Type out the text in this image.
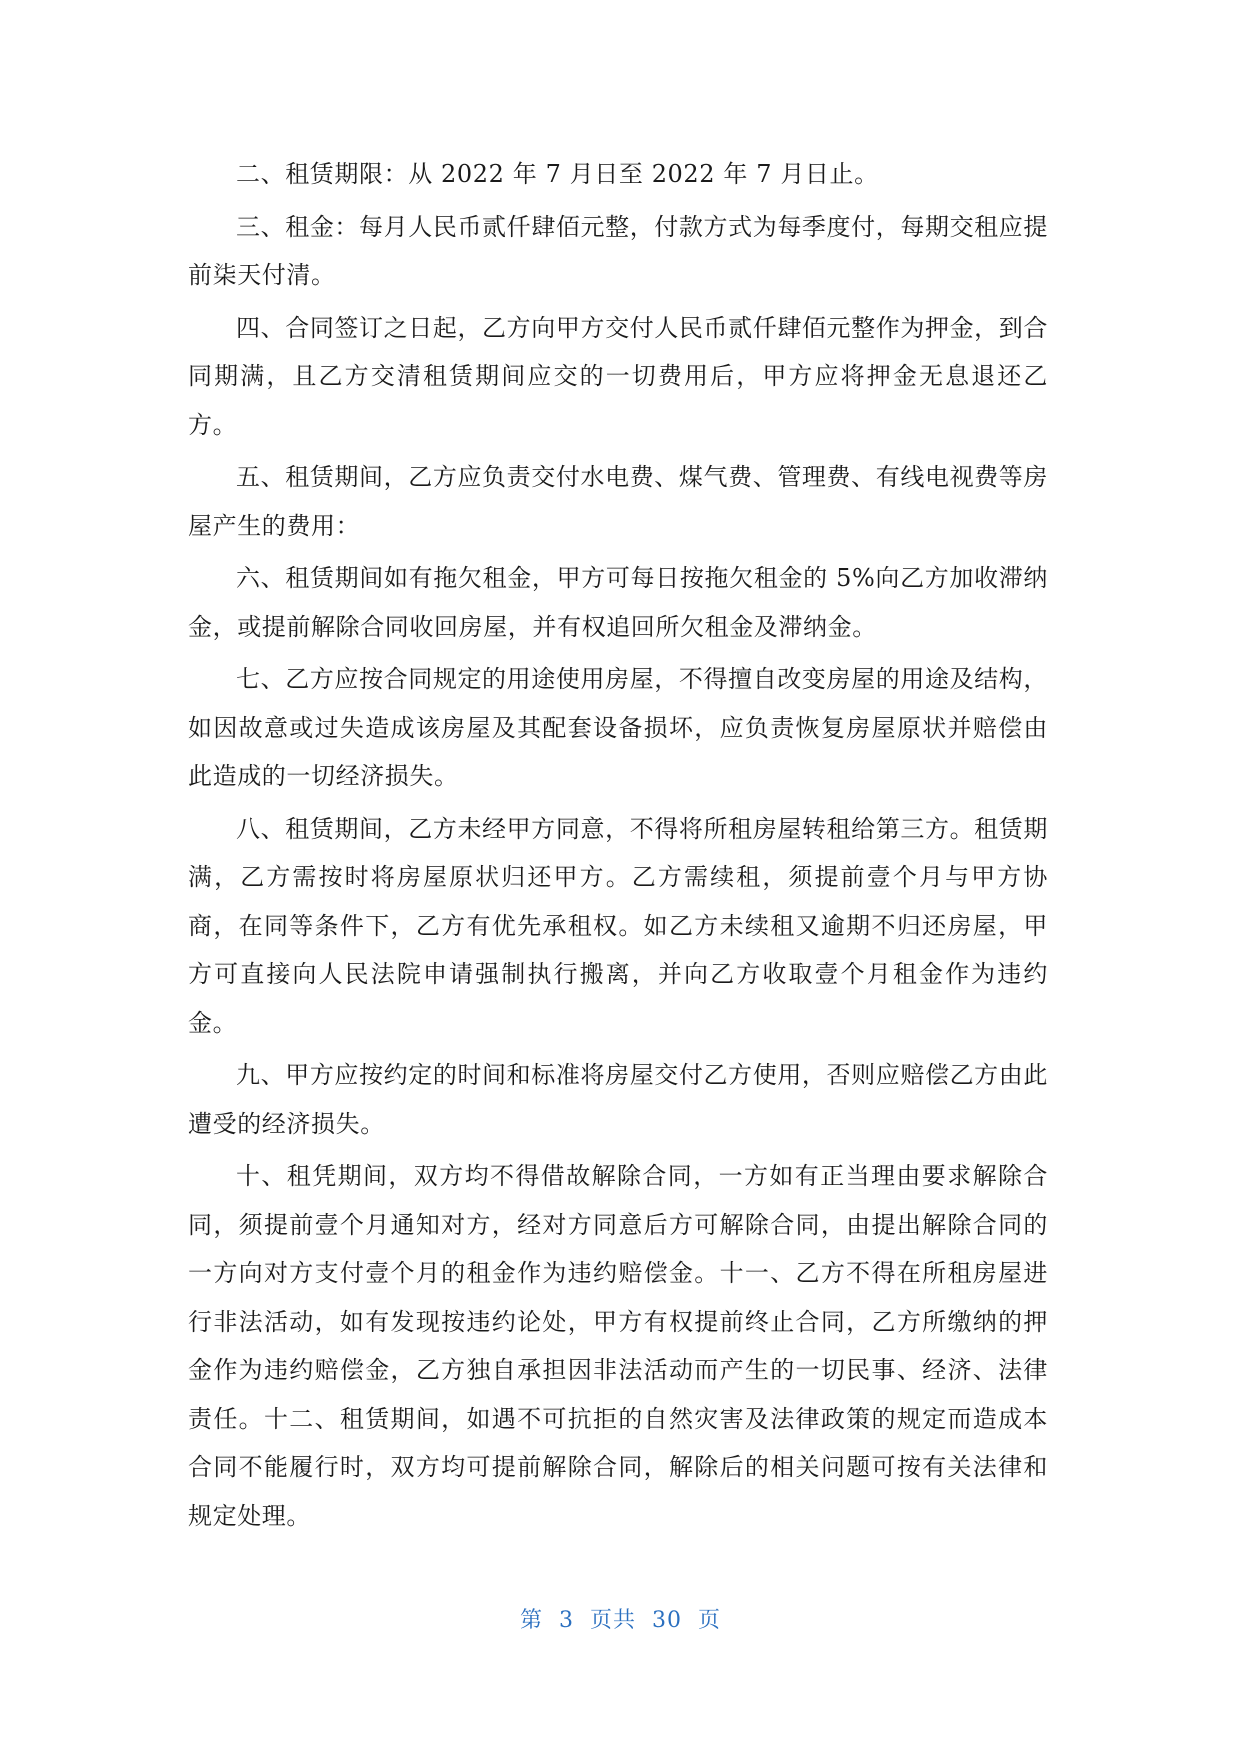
二、租赁期限：从 2022 年 7 月日至 2022 年 7 月日止。

三、租金：每月人民币贰仟肆佰元整，付款方式为每季度付，每期交租应提前柒天付清。

四、合同签订之日起，乙方向甲方交付人民币贰仟肆佰元整作为押金，到合同期满，且乙方交清租赁期间应交的一切费用后，甲方应将押金无息退还乙方。

五、租赁期间，乙方应负责交付水电费、煤气费、管理费、有线电视费等房屋产生的费用：

六、租赁期间如有拖欠租金，甲方可每日按拖欠租金的 5%向乙方加收滞纳金，或提前解除合同收回房屋，并有权追回所欠租金及滞纳金。

七、乙方应按合同规定的用途使用房屋，不得擅自改变房屋的用途及结构，如因故意或过失造成该房屋及其配套设备损坏，应负责恢复房屋原状并赔偿由此造成的一切经济损失。

八、租赁期间，乙方未经甲方同意，不得将所租房屋转租给第三方。租赁期满，乙方需按时将房屋原状归还甲方。乙方需续租，须提前壹个月与甲方协商，在同等条件下，乙方有优先承租权。如乙方未续租又逾期不归还房屋，甲方可直接向人民法院申请强制执行搬离，并向乙方收取壹个月租金作为违约金。

九、甲方应按约定的时间和标准将房屋交付乙方使用，否则应赔偿乙方由此遭受的经济损失。

十、租凭期间，双方均不得借故解除合同，一方如有正当理由要求解除合同，须提前壹个月通知对方，经对方同意后方可解除合同，由提出解除合同的一方向对方支付壹个月的租金作为违约赔偿金。十一、乙方不得在所租房屋进行非法活动，如有发现按违约论处，甲方有权提前终止合同，乙方所缴纳的押金作为违约赔偿金，乙方独自承担因非法活动而产生的一切民事、经济、法律责任。十二、租赁期间，如遇不可抗拒的自然灾害及法律政策的规定而造成本合同不能履行时，双方均可提前解除合同，解除后的相关问题可按有关法律和规定处理。

第 3 页共 30 页
